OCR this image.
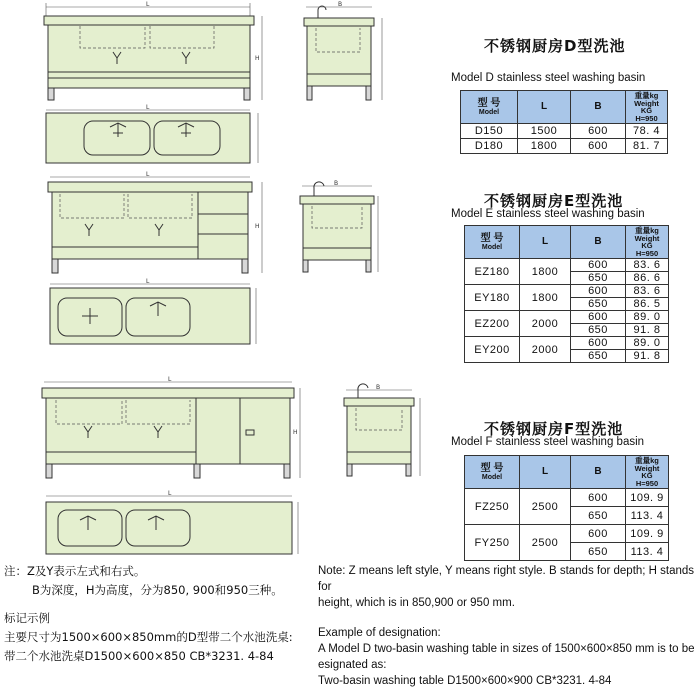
L
H
B
L
L
H
B
L
L
H
B
L
不锈钢厨房D型洗池
Model D stainless steel washing basin
型 号
Model	L	B	重量kg
Weight KG
H=950
D150	1500	600	78. 4
D180	1800	600	81. 7
不锈钢厨房E型洗池
Model E stainless steel washing basin
型 号
Model	L	B	重量kg
Weight KG
H=950
EZ180	1800	600	83. 6
		650	86. 6
EY180	1800	600	83. 6
		650	86. 5
EZ200	2000	600	89. 0
		650	91. 8
EY200	2000	600	89. 0
		650	91. 8
不锈钢厨房F型洗池
Model F stainless steel washing basin
型 号
Model	L	B	重量kg
Weight KG
H=950
FZ250	2500	600	109. 9
		650	113. 4
FY250	2500	600	109. 9
		650	113. 4
注：Z及Y表示左式和右式。
B为深度，H为高度，分为850, 900和950三种。
标记示例
主要尺寸为1500×600×850mm的D型带二个水池洗桌:
带二个水池洗桌D1500×600×850 CB*3231. 4-84
Note: Z means left style, Y means right style. B stands for depth; H stands for
height, which is in 850,900 or 950 mm.
Example of designation:
A Model D two-basin washing table in sizes of 1500×600×850 mm is to be
esignated as:
Two-basin washing table D1500×600×900 CB*3231. 4-84
